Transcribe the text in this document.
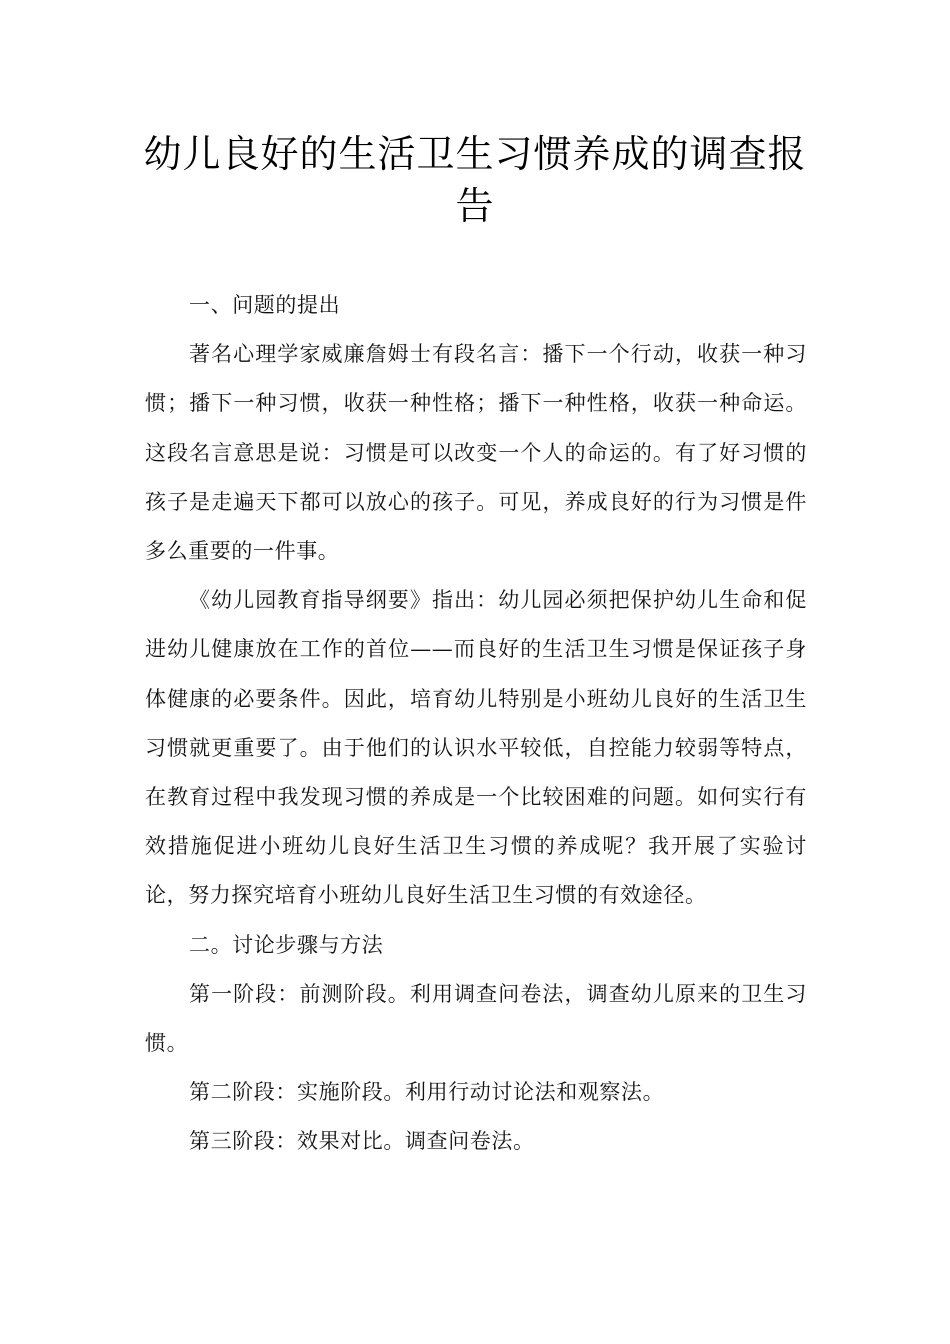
幼儿良好的生活卫生习惯养成的调查报告

一、问题的提出

著名心理学家威廉詹姆士有段名言：播下一个行动，收获一种习惯；播下一种习惯，收获一种性格；播下一种性格，收获一种命运。这段名言意思是说：习惯是可以改变一个人的命运的。有了好习惯的孩子是走遍天下都可以放心的孩子。可见，养成良好的行为习惯是件多么重要的一件事。

《幼儿园教育指导纲要》指出：幼儿园必须把保护幼儿生命和促进幼儿健康放在工作的首位——而良好的生活卫生习惯是保证孩子身体健康的必要条件。因此，培育幼儿特别是小班幼儿良好的生活卫生习惯就更重要了。由于他们的认识水平较低，自控能力较弱等特点，在教育过程中我发现习惯的养成是一个比较困难的问题。如何实行有效措施促进小班幼儿良好生活卫生习惯的养成呢？我开展了实验讨论，努力探究培育小班幼儿良好生活卫生习惯的有效途径。

二。讨论步骤与方法

第一阶段：前测阶段。利用调查问卷法，调查幼儿原来的卫生习惯。

第二阶段：实施阶段。利用行动讨论法和观察法。

第三阶段：效果对比。调查问卷法。
